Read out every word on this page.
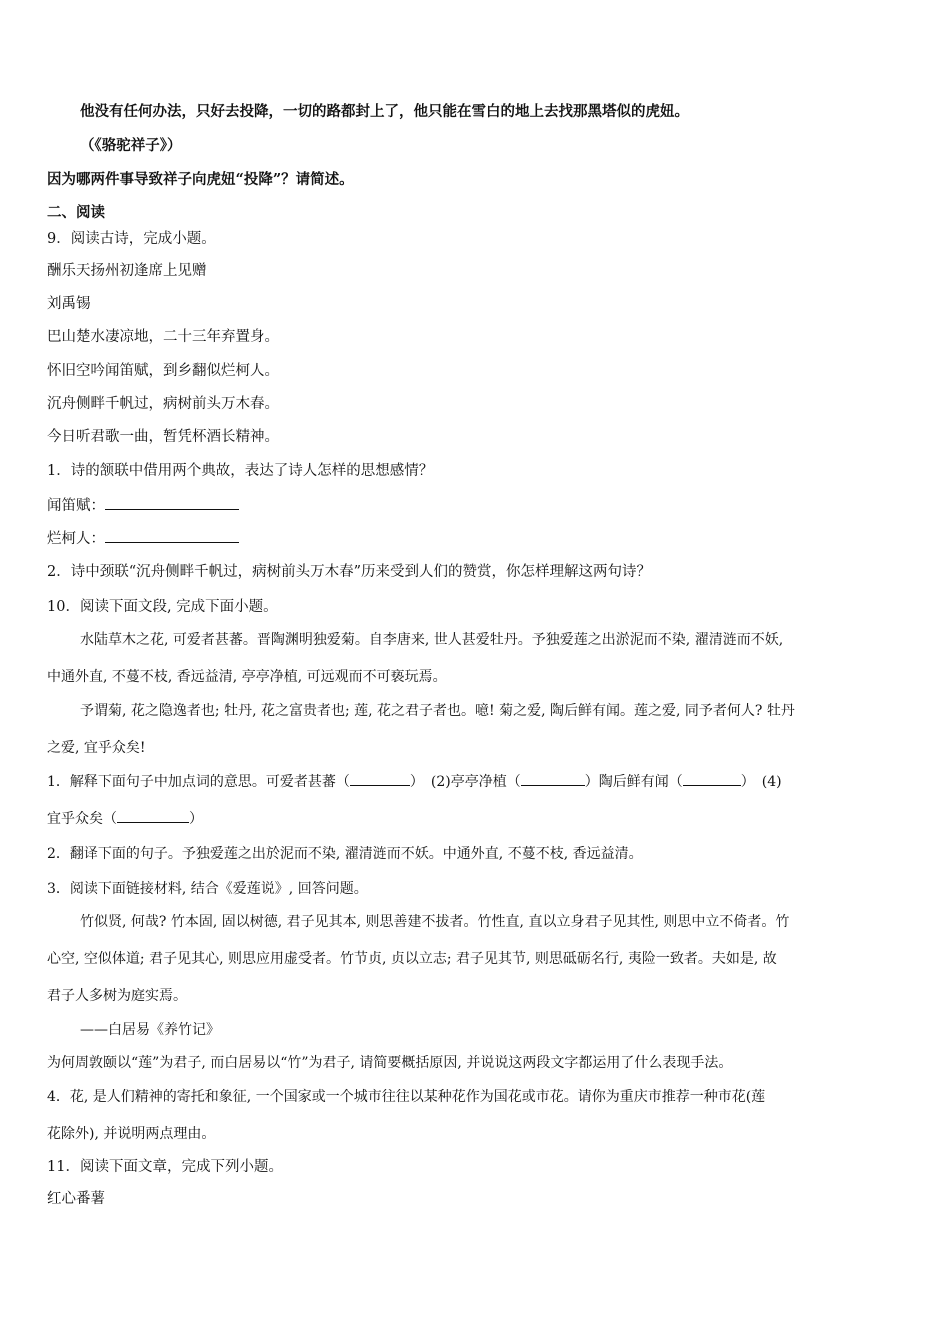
他没有任何办法，只好去投降，一切的路都封上了，他只能在雪白的地上去找那黑塔似的虎妞。
（《骆驼祥子》）
因为哪两件事导致祥子向虎妞“投降”？请简述。
二、阅读
9．阅读古诗，完成小题。
酬乐天扬州初逢席上见赠
刘禹锡
巴山楚水凄凉地，二十三年弃置身。
怀旧空吟闻笛赋，到乡翻似烂柯人。
沉舟侧畔千帆过，病树前头万木春。
今日听君歌一曲，暂凭杯酒长精神。
1．诗的颔联中借用两个典故，表达了诗人怎样的思想感情？
闻笛赋：
烂柯人：
2．诗中颈联“沉舟侧畔千帆过，病树前头万木春”历来受到人们的赞赏，你怎样理解这两句诗？
10．阅读下面文段, 完成下面小题。
水陆草木之花, 可爱者甚蕃。晋陶渊明独爱菊。自李唐来, 世人甚爱牡丹。予独爱莲之出淤泥而不染, 濯清涟而不妖,
中通外直, 不蔓不枝, 香远益清, 亭亭净植, 可远观而不可亵玩焉。
予谓菊, 花之隐逸者也; 牡丹, 花之富贵者也; 莲, 花之君子者也。噫! 菊之爱, 陶后鲜有闻。莲之爱, 同予者何人? 牡丹
之爱, 宜乎众矣!
1．解释下面句子中加点词的意思。可爱者甚蕃（	）　(2)亭亭净植（	）陶后鲜有闻（	）　(4)
宜乎众矣（	）
2．翻译下面的句子。予独爱莲之出於泥而不染, 濯清涟而不妖。中通外直, 不蔓不枝, 香远益清。
3．阅读下面链接材料, 结合《爱莲说》, 回答问题。
竹似贤, 何哉? 竹本固, 固以树德, 君子见其本, 则思善建不拔者。竹性直, 直以立身君子见其性, 则思中立不倚者。竹
心空, 空似体道; 君子见其心, 则思应用虚受者。竹节贞, 贞以立志; 君子见其节, 则思砥砺名行, 夷险一致者。夫如是, 故
君子人多树为庭实焉。
——白居易《养竹记》
为何周敦颐以“莲”为君子, 而白居易以“竹”为君子, 请简要概括原因, 并说说这两段文字都运用了什么表现手法。
4．花, 是人们精神的寄托和象征, 一个国家或一个城市往往以某种花作为国花或市花。请你为重庆市推荐一种市花(莲
花除外), 并说明两点理由。
11．阅读下面文章，完成下列小题。
红心番薯
